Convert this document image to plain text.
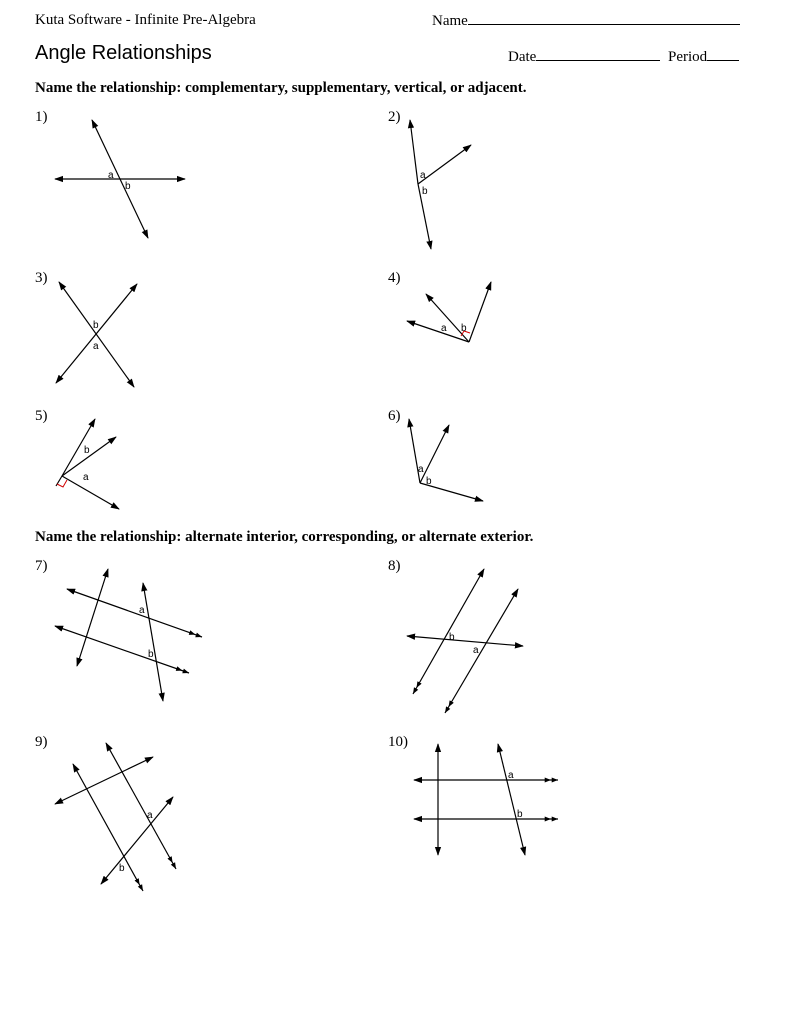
Kuta Software - Infinite Pre-Algebra	Name
Angle Relationships	Date	Period
Name the relationship: complementary, supplementary, vertical, or adjacent.
1)	2)
3)	4)
5)	6)
Name the relationship: alternate interior, corresponding, or alternate exterior.
7)	8)
9)	10)
a
b
a
b
b
a
a b
b
a
a
b
a
b
b
a
a
b
a
b
